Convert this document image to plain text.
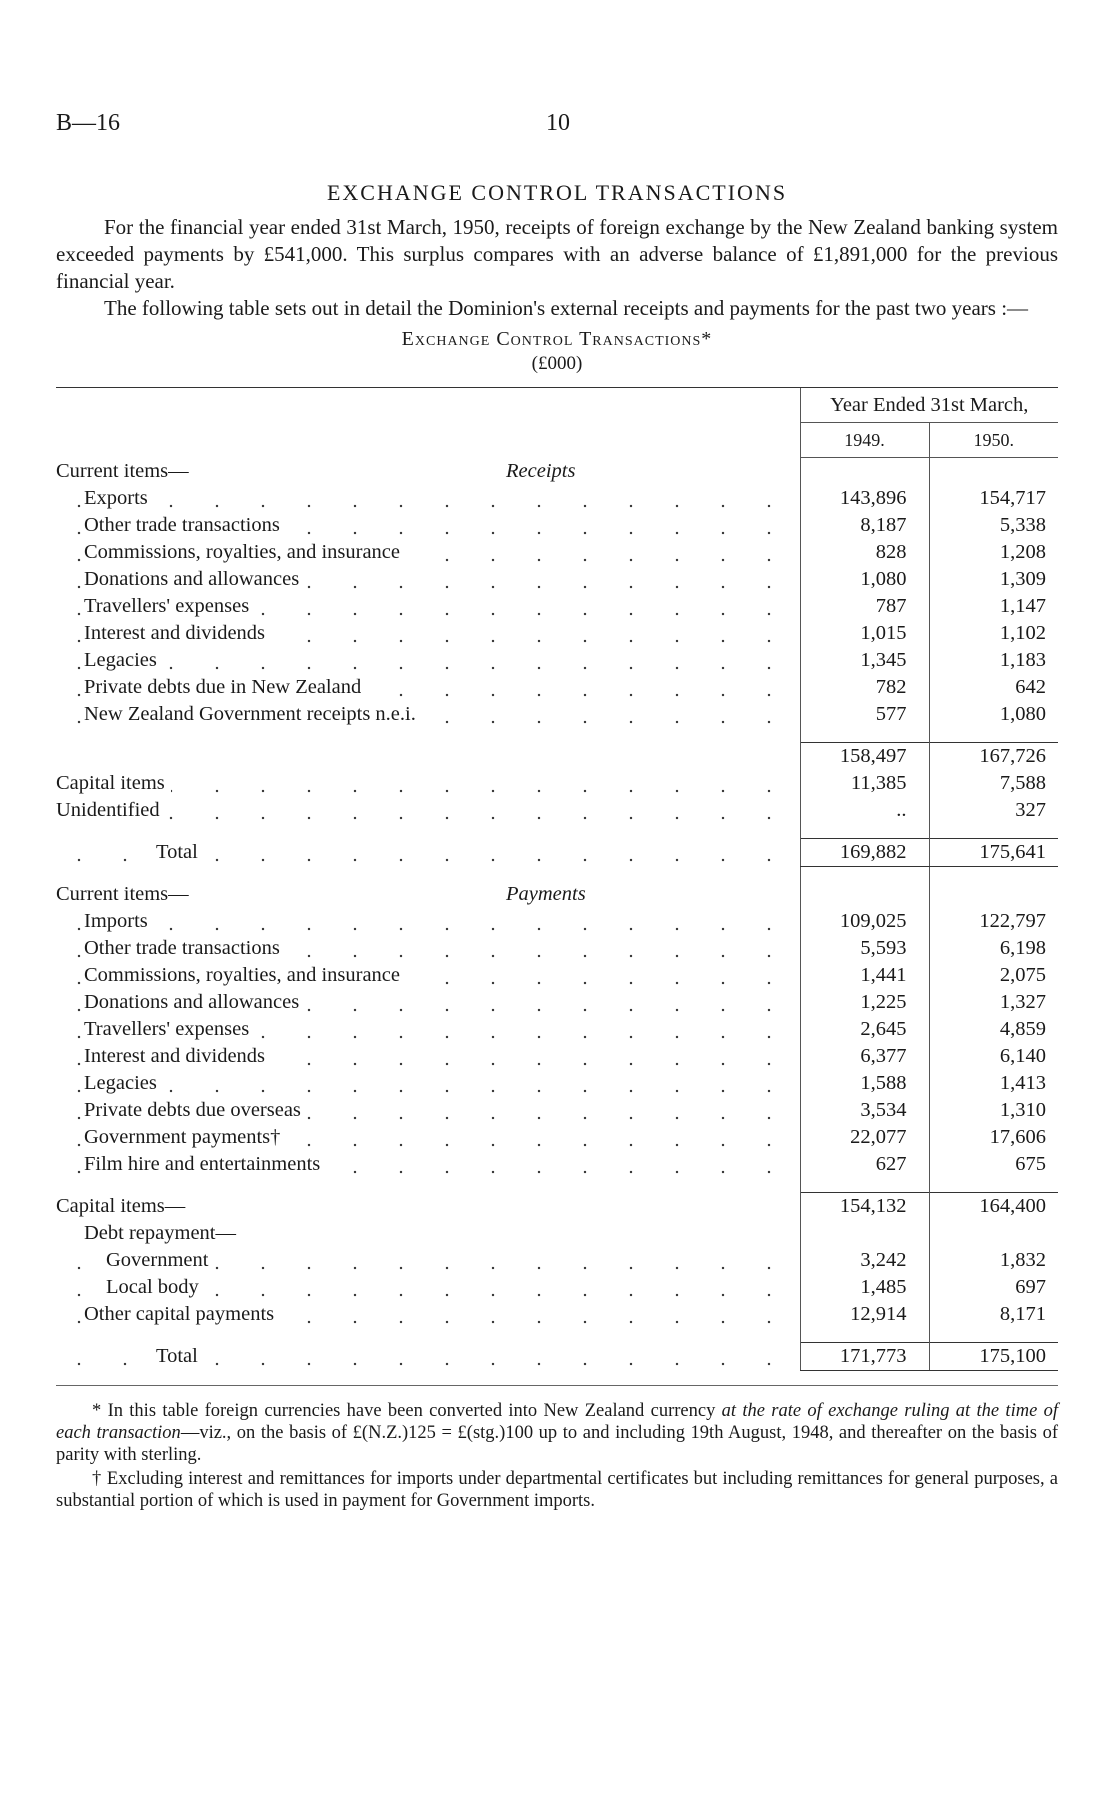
B—16	10
EXCHANGE CONTROL TRANSACTIONS

For the financial year ended 31st March, 1950, receipts of foreign exchange by the New Zealand banking system exceeded payments by £541,000. This surplus compares with an adverse balance of £1,891,000 for the previous financial year.

The following table sets out in detail the Dominion's external receipts and payments for the past two years :—

Exchange Control Transactions*
(£000)
	Year Ended 31st March,	
	1949.	1950.
Current items— Receipts		

Exports	143,896	154,717
Other trade transactions	8,187	5,338
Commissions, royalties, and insurance	828	1,208
Donations and allowances	1,080	1,309
Travellers' expenses	787	1,147
Interest and dividends	1,015	1,102
Legacies	1,345	1,183
Private debts due in New Zealand	782	642
New Zealand Government receipts n.e.i.	577	1,080

	158,497	167,726
Capital items	11,385	7,588
Unidentified	..	327

Total	169,882	175,641

Current items— Payments		

Imports	109,025	122,797
Other trade transactions	5,593	6,198
Commissions, royalties, and insurance	1,441	2,075
Donations and allowances	1,225	1,327
Travellers' expenses	2,645	4,859
Interest and dividends	6,377	6,140
Legacies	1,588	1,413
Private debts due overseas	3,534	1,310
Government payments†	22,077	17,606
Film hire and entertainments	627	675

Capital items—	154,132	164,400
Debt repayment—		
Government	3,242	1,832
Local body	1,485	697
Other capital payments	12,914	8,171

Total	171,773	175,100

* In this table foreign currencies have been converted into New Zealand currency at the rate of exchange ruling at the time of each transaction—viz., on the basis of £(N.Z.)125 = £(stg.)100 up to and including 19th August, 1948, and thereafter on the basis of parity with sterling.

† Excluding interest and remittances for imports under departmental certificates but including remittances for general purposes, a substantial portion of which is used in payment for Government imports.
